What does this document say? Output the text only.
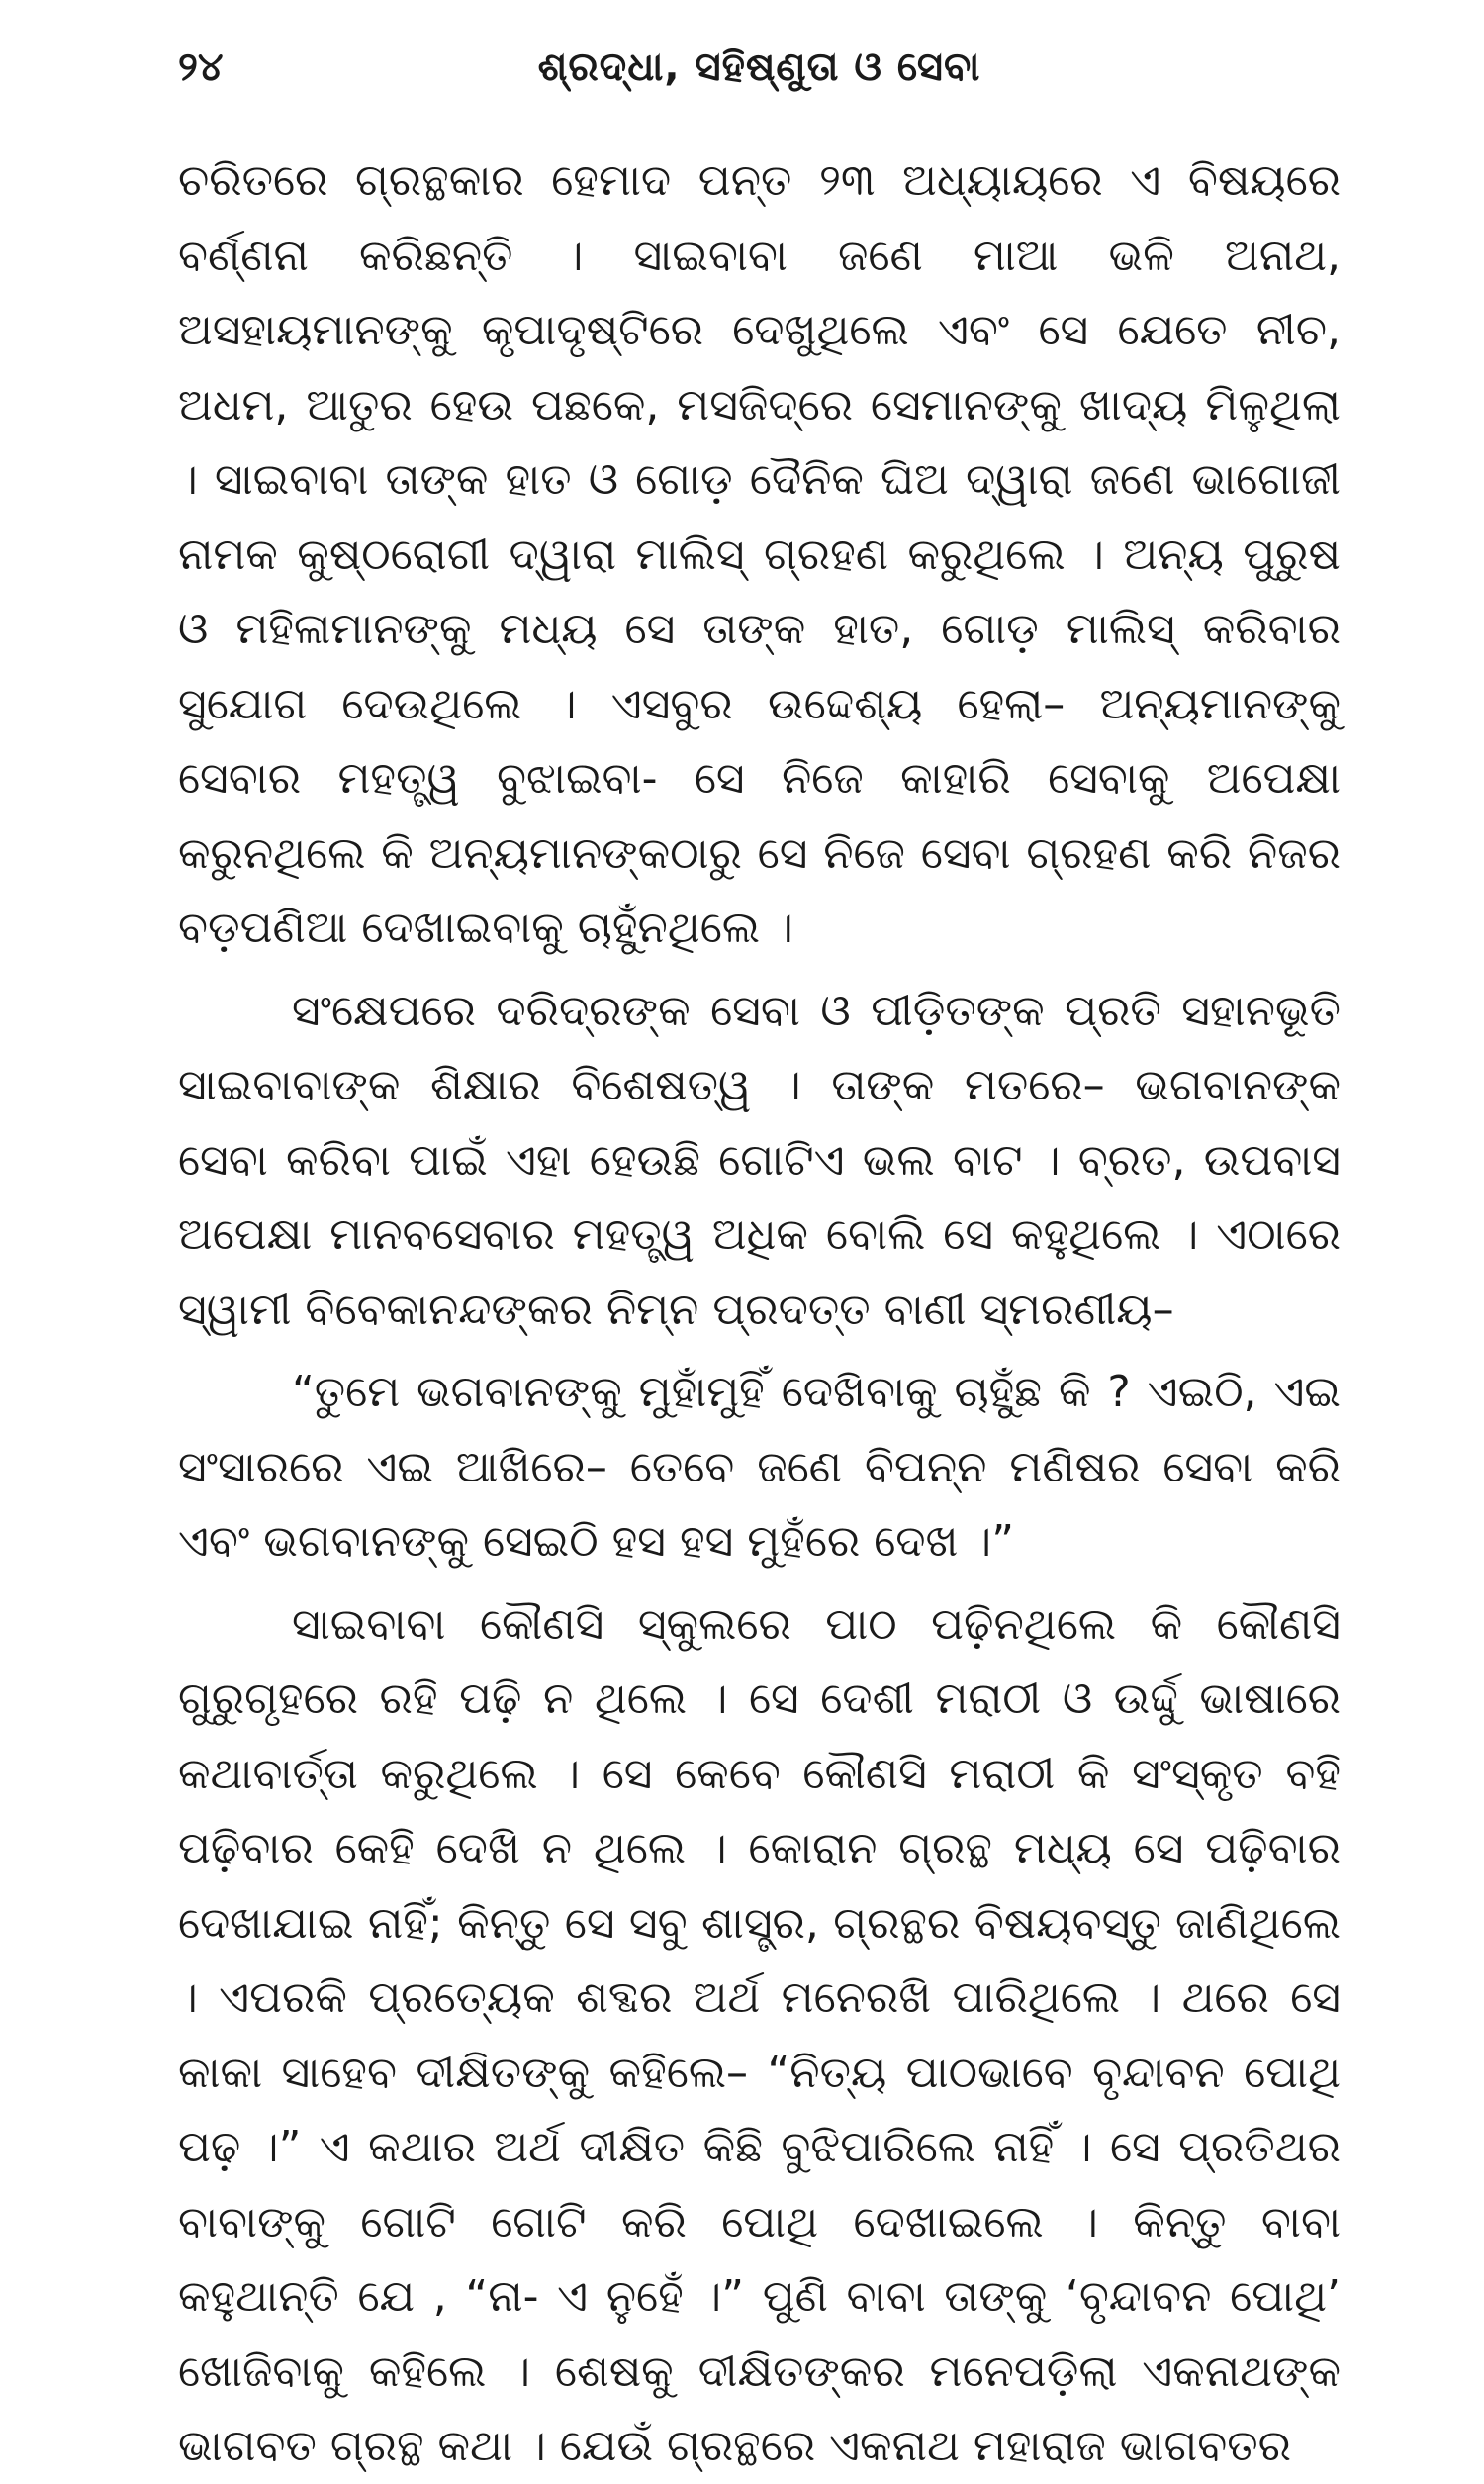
୨୪	ଶ୍ରଦ୍ଧା, ସହିଷ୍ଣୁତା ଓ ସେବା

ଚରିତରେ ଗ୍ରନ୍ଥକାର ହେମାଦ ପନ୍ତ ୨୩ ଅଧ୍ୟାୟରେ ଏ ବିଷୟରେ ବର୍ଣ୍ଣନା କରିଛନ୍ତି । ସାଇବାବା ଜଣେ ମାଆ ଭଳି ଅନାଥ, ଅସହାୟମାନଙ୍କୁ କୃପାଦୃଷ୍ଟିରେ ଦେଖୁଥିଲେ ଏବଂ ସେ ଯେତେ ନୀଚ, ଅଧମ, ଆତୁର ହେଉ ପଛକେ, ମସଜିଦ୍‌ରେ ସେମାନଙ୍କୁ ଖାଦ୍ୟ ମିଳୁଥିଲା । ସାଇବାବା ତାଙ୍କ ହାତ ଓ ଗୋଡ଼ ଦୈନିକ ଘିଅ ଦ୍ୱାରା ଜଣେ ଭାଗୋଜୀ ନାମକ କୁଷ୍ଠରୋଗୀ ଦ୍ୱାରା ମାଲିସ୍ ଗ୍ରହଣ କରୁଥିଲେ । ଅନ୍ୟ ପୁରୁଷ ଓ ମହିଳାମାନଙ୍କୁ ମଧ୍ୟ ସେ ତାଙ୍କ ହାତ, ଗୋଡ଼ ମାଲିସ୍ କରିବାର ସୁଯୋଗ ଦେଉଥିଲେ । ଏସବୁର ଉଦ୍ଦେଶ୍ୟ ହେଲା– ଅନ୍ୟମାନଙ୍କୁ ସେବାର ମହତ୍ତ୍ୱ ବୁଝାଇବା- ସେ ନିଜେ କାହାରି ସେବାକୁ ଅପେକ୍ଷା କରୁନଥିଲେ କି ଅନ୍ୟମାନଙ୍କଠାରୁ ସେ ନିଜେ ସେବା ଗ୍ରହଣ କରି ନିଜର ବଡ଼ପଣିଆ ଦେଖାଇବାକୁ ଚାହୁଁନଥିଲେ ।

ସଂକ୍ଷେପରେ ଦରିଦ୍ରଙ୍କ ସେବା ଓ ପୀଡ଼ିତଙ୍କ ପ୍ରତି ସହାନଭୂତି ସାଇବାବାଙ୍କ ଶିକ୍ଷାର ବିଶେଷତ୍ୱ । ତାଙ୍କ ମତରେ– ଭଗବାନଙ୍କ ସେବା କରିବା ପାଇଁ ଏହା ହେଉଛି ଗୋଟିଏ ଭଲ ବାଟ । ବ୍ରତ, ଉପବାସ ଅପେକ୍ଷା ମାନବସେବାର ମହତ୍ତ୍ୱ ଅଧିକ ବୋଲି ସେ କହୁଥିଲେ । ଏଠାରେ ସ୍ୱାମୀ ବିବେକାନନ୍ଦଙ୍କର ନିମ୍ନ ପ୍ରଦତ୍ତ ବାଣୀ ସ୍ମରଣୀୟ–

“ତୁମେ ଭଗବାନଙ୍କୁ ମୁହାଁମୁହିଁ ଦେଖିବାକୁ ଚାହୁଁଛ କି ? ଏଇଠି, ଏଇ ସଂସାରରେ ଏଇ ଆଖିରେ– ତେବେ ଜଣେ ବିପନ୍ନ ମଣିଷର ସେବା କରି ଏବଂ ଭଗବାନଙ୍କୁ ସେଇଠି ହସ ହସ ମୁହଁରେ ଦେଖ ।”

ସାଇବାବା କୌଣସି ସ୍କୁଲରେ ପାଠ ପଢ଼ିନଥିଲେ କି କୌଣସି ଗୁରୁଗୃହରେ ରହି ପଢ଼ି ନ ଥିଲେ । ସେ ଦେଶୀ ମରାଠୀ ଓ ଉର୍ଦ୍ଦୁ ଭାଷାରେ କଥାବାର୍ତ୍ତା କରୁଥିଲେ । ସେ କେବେ କୌଣସି ମରାଠୀ କି ସଂସ୍କୃତ ବହି ପଢ଼ିବାର କେହି ଦେଖି ନ ଥିଲେ । କୋରାନ ଗ୍ରନ୍ଥ ମଧ୍ୟ ସେ ପଢ଼ିବାର ଦେଖାଯାଇ ନାହିଁ; କିନ୍ତୁ ସେ ସବୁ ଶାସ୍ତ୍ର, ଗ୍ରନ୍ଥର ବିଷୟବସ୍ତୁ ଜାଣିଥିଲେ । ଏପରକି ପ୍ରତ୍ୟେକ ଶବ୍ଦର ଅର୍ଥ ମନେରଖି ପାରିଥିଲେ । ଥରେ ସେ କାକା ସାହେବ ଦୀକ୍ଷିତଙ୍କୁ କହିଲେ– “ନିତ୍ୟ ପାଠଭାବେ ବୃନ୍ଦାବନ ପୋଥି ପଢ଼ ।” ଏ କଥାର ଅର୍ଥ ଦୀକ୍ଷିତ କିଛି ବୁଝିପାରିଲେ ନାହିଁ । ସେ ପ୍ରତିଥର ବାବାଙ୍କୁ ଗୋଟି ଗୋଟି କରି ପୋଥି ଦେଖାଇଲେ । କିନ୍ତୁ ବାବା କହୁଥାନ୍ତି ଯେ , “ନା- ଏ ନୁହେଁ ।” ପୁଣି ବାବା ତାଙ୍କୁ ‘ବୃନ୍ଦାବନ ପୋଥି’ ଖୋଜିବାକୁ କହିଲେ । ଶେଷକୁ ଦୀକ୍ଷିତଙ୍କର ମନେପଡ଼ିଲା ଏକନାଥଙ୍କ ଭାଗବତ ଗ୍ରନ୍ଥ କଥା । ଯେଉଁ ଗ୍ରନ୍ଥରେ ଏକନାଥ ମହାରାଜ ଭାଗବତର
